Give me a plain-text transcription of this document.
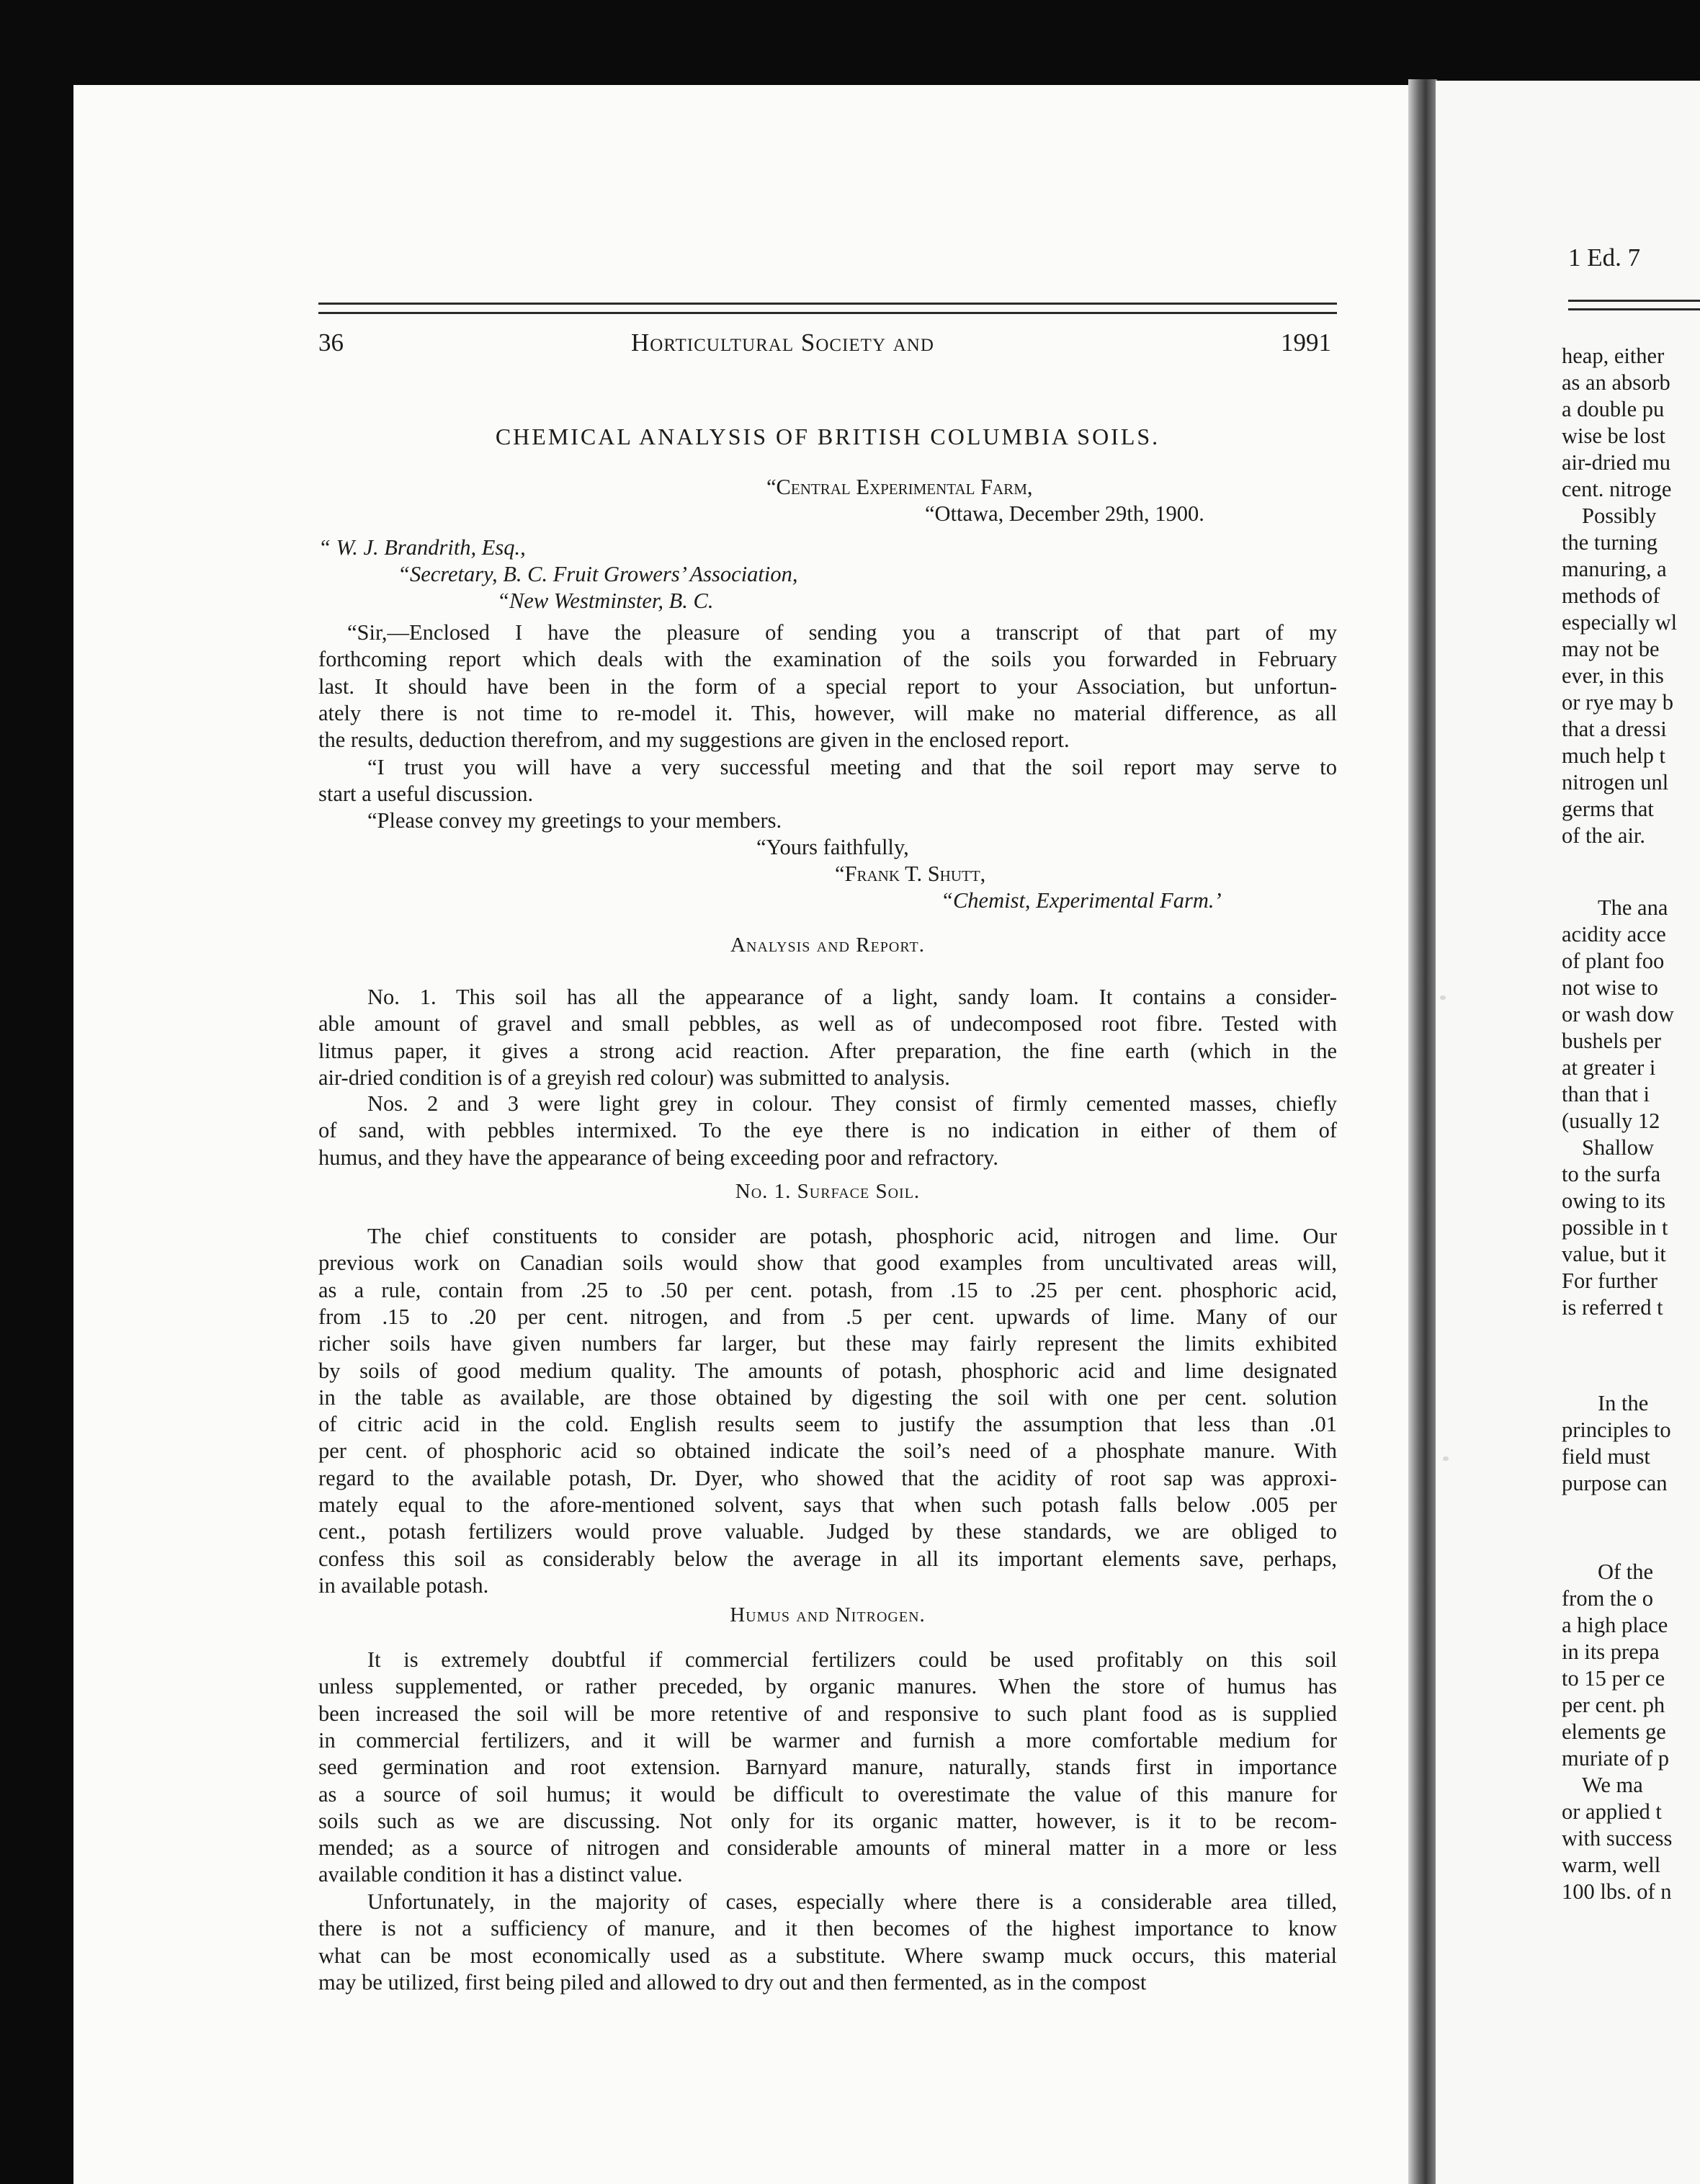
36	Horticultural Society and	1991
CHEMICAL ANALYSIS OF BRITISH COLUMBIA SOILS.
“Central Experimental Farm,
“Ottawa, December 29th, 1900.
“ W. J. Brandrith, Esq.,
“Secretary, B. C. Fruit Growers’ Association,
“New Westminster, B. C.
“Sir,—Enclosed I have the pleasure of sending you a transcript of that part of my
forthcoming report which deals with the examination of the soils you forwarded in February
last. It should have been in the form of a special report to your Association, but unfortun-
ately there is not time to re-model it. This, however, will make no material difference, as all
the results, deduction therefrom, and my suggestions are given in the enclosed report.
“I trust you will have a very successful meeting and that the soil report may serve to
start a useful discussion.
“Please convey my greetings to your members.
“Yours faithfully,
“Frank T. Shutt,
“Chemist, Experimental Farm.’
Analysis and Report.
No. 1. This soil has all the appearance of a light, sandy loam. It contains a consider-
able amount of gravel and small pebbles, as well as of undecomposed root fibre. Tested with
litmus paper, it gives a strong acid reaction. After preparation, the fine earth (which in the
air-dried condition is of a greyish red colour) was submitted to analysis.
Nos. 2 and 3 were light grey in colour. They consist of firmly cemented masses, chiefly
of sand, with pebbles intermixed. To the eye there is no indication in either of them of
humus, and they have the appearance of being exceeding poor and refractory.
No. 1. Surface Soil.
The chief constituents to consider are potash, phosphoric acid, nitrogen and lime. Our
previous work on Canadian soils would show that good examples from uncultivated areas will,
as a rule, contain from .25 to .50 per cent. potash, from .15 to .25 per cent. phosphoric acid,
from .15 to .20 per cent. nitrogen, and from .5 per cent. upwards of lime. Many of our
richer soils have given numbers far larger, but these may fairly represent the limits exhibited
by soils of good medium quality. The amounts of potash, phosphoric acid and lime designated
in the table as available, are those obtained by digesting the soil with one per cent. solution
of citric acid in the cold. English results seem to justify the assumption that less than .01
per cent. of phosphoric acid so obtained indicate the soil’s need of a phosphate manure. With
regard to the available potash, Dr. Dyer, who showed that the acidity of root sap was approxi-
mately equal to the afore-mentioned solvent, says that when such potash falls below .005 per
cent., potash fertilizers would prove valuable. Judged by these standards, we are obliged to
confess this soil as considerably below the average in all its important elements save, perhaps,
in available potash.
Humus and Nitrogen.
It is extremely doubtful if commercial fertilizers could be used profitably on this soil
unless supplemented, or rather preceded, by organic manures. When the store of humus has
been increased the soil will be more retentive of and responsive to such plant food as is supplied
in commercial fertilizers, and it will be warmer and furnish a more comfortable medium for
seed germination and root extension. Barnyard manure, naturally, stands first in importance
as a source of soil humus; it would be difficult to overestimate the value of this manure for
soils such as we are discussing. Not only for its organic matter, however, is it to be recom-
mended; as a source of nitrogen and considerable amounts of mineral matter in a more or less
available condition it has a distinct value.
Unfortunately, in the majority of cases, especially where there is a considerable area tilled,
there is not a sufficiency of manure, and it then becomes of the highest importance to know
what can be most economically used as a substitute. Where swamp muck occurs, this material
may be utilized, first being piled and allowed to dry out and then fermented, as in the compost
1 Ed. 7
heap, either
as an absorb
a double pu
wise be lost
air-dried mu
cent. nitroge
Possibly
the turning
manuring, a
methods of
especially wl
may not be
ever, in this
or rye may b
that a dressi
much help t
nitrogen unl
germs that
of the air.
The ana
acidity acce
of plant foo
not wise to
or wash dow
bushels per
at greater i
than that i
(usually 12
Shallow
to the surfa
owing to its
possible in t
value, but it
For further
is referred t
In the
principles to
field must
purpose can
Of the
from the o
a high place
in its prepa
to 15 per ce
per cent. ph
elements ge
muriate of p
We ma
or applied t
with success
warm, well
100 lbs. of n
